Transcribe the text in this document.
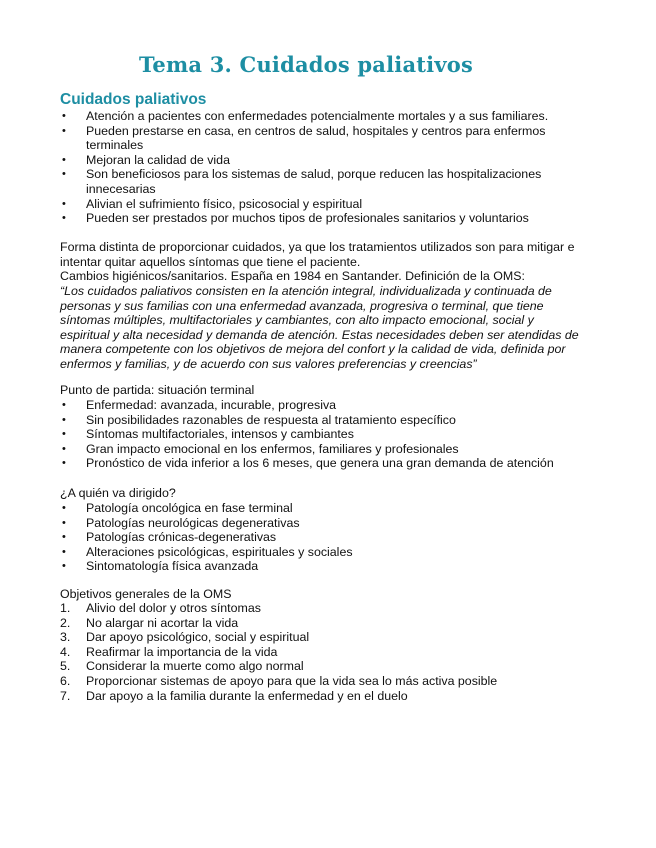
Tema 3. Cuidados paliativos
Cuidados paliativos
• Atención a pacientes con enfermedades potencialmente mortales y a sus familiares.
• Pueden prestarse en casa, en centros de salud, hospitales y centros para enfermos terminales
• Mejoran la calidad de vida
• Son beneficiosos para los sistemas de salud, porque reducen las hospitalizaciones innecesarias
• Alivian el sufrimiento físico, psicosocial y espiritual
• Pueden ser prestados por muchos tipos de profesionales sanitarios y voluntarios
Forma distinta de proporcionar cuidados, ya que los tratamientos utilizados son para mitigar e intentar quitar aquellos síntomas que tiene el paciente.
Cambios higiénicos/sanitarios. España en 1984 en Santander. Definición de la OMS:
“Los cuidados paliativos consisten en la atención integral, individualizada y continuada de personas y sus familias con una enfermedad avanzada, progresiva o terminal, que tiene síntomas múltiples, multifactoriales y cambiantes, con alto impacto emocional, social y espiritual y alta necesidad y demanda de atención. Estas necesidades deben ser atendidas de manera competente con los objetivos de mejora del confort y la calidad de vida, definida por enfermos y familias, y de acuerdo con sus valores preferencias y creencias”
Punto de partida: situación terminal
• Enfermedad: avanzada, incurable, progresiva
• Sin posibilidades razonables de respuesta al tratamiento específico
• Síntomas multifactoriales, intensos y cambiantes
• Gran impacto emocional en los enfermos, familiares y profesionales
• Pronóstico de vida inferior a los 6 meses, que genera una gran demanda de atención
¿A quién va dirigido?
• Patología oncológica en fase terminal
• Patologías neurológicas degenerativas
• Patologías crónicas-degenerativas
• Alteraciones psicológicas, espirituales y sociales
• Sintomatología física avanzada
Objetivos generales de la OMS
1. Alivio del dolor y otros síntomas
2. No alargar ni acortar la vida
3. Dar apoyo psicológico, social y espiritual
4. Reafirmar la importancia de la vida
5. Considerar la muerte como algo normal
6. Proporcionar sistemas de apoyo para que la vida sea lo más activa posible
7. Dar apoyo a la familia durante la enfermedad y en el duelo
